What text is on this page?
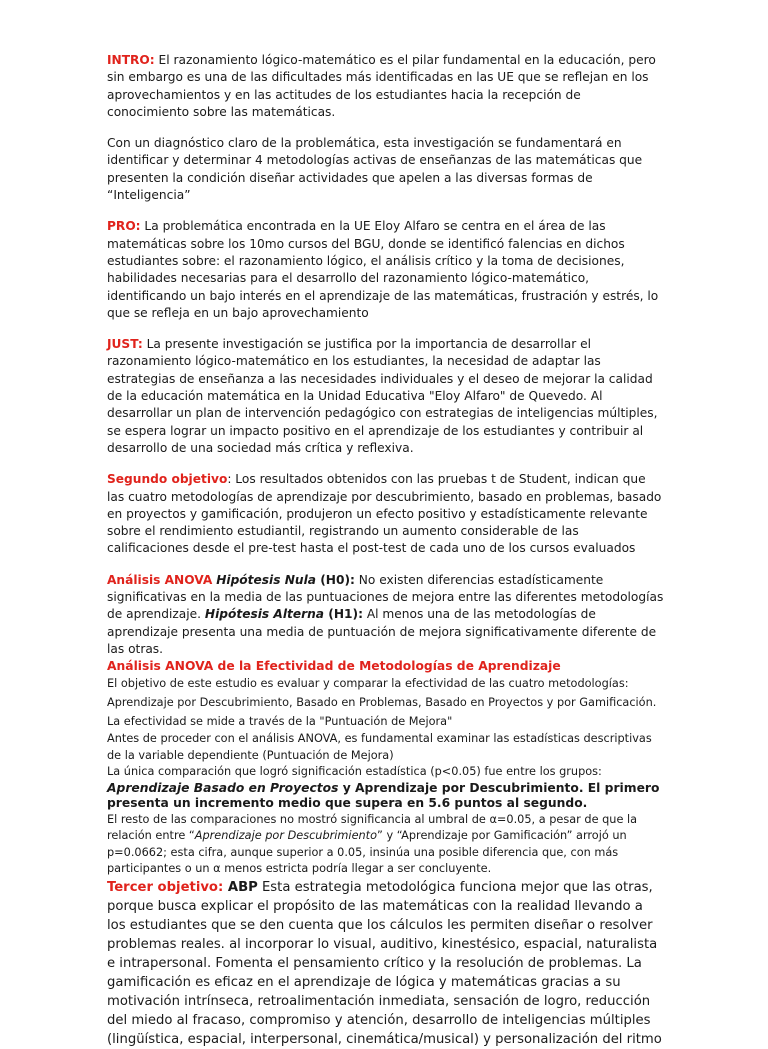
INTRO: El razonamiento lógico-matemático es el pilar fundamental en la educación, pero sin embargo es una de las dificultades más identificadas en las UE que se reflejan en los aprovechamientos y en las actitudes de los estudiantes hacia la recepción de conocimiento sobre las matemáticas.

Con un diagnóstico claro de la problemática, esta investigación se fundamentará en identificar y determinar 4 metodologías activas de enseñanzas de las matemáticas que presenten la condición diseñar actividades que apelen a las diversas formas de “Inteligencia”

PRO: La problemática encontrada en la UE Eloy Alfaro se centra en el área de las matemáticas sobre los 10mo cursos del BGU, donde se identificó falencias en dichos estudiantes sobre: el razonamiento lógico, el análisis crítico y la toma de decisiones, habilidades necesarias para el desarrollo del razonamiento lógico-matemático, identificando un bajo interés en el aprendizaje de las matemáticas, frustración y estrés, lo que se refleja en un bajo aprovechamiento

JUST: La presente investigación se justifica por la importancia de desarrollar el razonamiento lógico-matemático en los estudiantes, la necesidad de adaptar las estrategias de enseñanza a las necesidades individuales y el deseo de mejorar la calidad de la educación matemática en la Unidad Educativa "Eloy Alfaro" de Quevedo. Al desarrollar un plan de intervención pedagógico con estrategias de inteligencias múltiples, se espera lograr un impacto positivo en el aprendizaje de los estudiantes y contribuir al desarrollo de una sociedad más crítica y reflexiva.

Segundo objetivo: Los resultados obtenidos con las pruebas t de Student, indican que las cuatro metodologías de aprendizaje por descubrimiento, basado en problemas, basado en proyectos y gamificación, produjeron un efecto positivo y estadísticamente relevante sobre el rendimiento estudiantil, registrando un aumento considerable de las calificaciones desde el pre-test hasta el post-test de cada uno de los cursos evaluados

Análisis ANOVA Hipótesis Nula (H0): No existen diferencias estadísticamente significativas en la media de las puntuaciones de mejora entre las diferentes metodologías de aprendizaje. Hipótesis Alterna (H1): Al menos una de las metodologías de aprendizaje presenta una media de puntuación de mejora significativamente diferente de las otras.

Análisis ANOVA de la Efectividad de Metodologías de Aprendizaje

El objetivo de este estudio es evaluar y comparar la efectividad de las cuatro metodologías: Aprendizaje por Descubrimiento, Basado en Problemas, Basado en Proyectos y por Gamificación. La efectividad se mide a través de la "Puntuación de Mejora"

Antes de proceder con el análisis ANOVA, es fundamental examinar las estadísticas descriptivas de la variable dependiente (Puntuación de Mejora)

La única comparación que logró significación estadística (p<0.05) fue entre los grupos:

Aprendizaje Basado en Proyectos y Aprendizaje por Descubrimiento. El primero presenta un incremento medio que supera en 5.6 puntos al segundo.

El resto de las comparaciones no mostró significancia al umbral de α=0.05, a pesar de que la relación entre “Aprendizaje por Descubrimiento” y “Aprendizaje por Gamificación” arrojó un p=0.0662; esta cifra, aunque superior a 0.05, insinúa una posible diferencia que, con más participantes o un α menos estricta podría llegar a ser concluyente.

Tercer objetivo: ABP Esta estrategia metodológica funciona mejor que las otras, porque busca explicar el propósito de las matemáticas con la realidad llevando a los estudiantes que se den cuenta que los cálculos les permiten diseñar o resolver problemas reales. al incorporar lo visual, auditivo, kinestésico, espacial, naturalista e intrapersonal. Fomenta el pensamiento crítico y la resolución de problemas. La gamificación es eficaz en el aprendizaje de lógica y matemáticas gracias a su motivación intrínseca, retroalimentación inmediata, sensación de logro, reducción del miedo al fracaso, compromiso y atención, desarrollo de inteligencias múltiples (lingüística, espacial, interpersonal, cinemática/musical) y personalización del ritmo
